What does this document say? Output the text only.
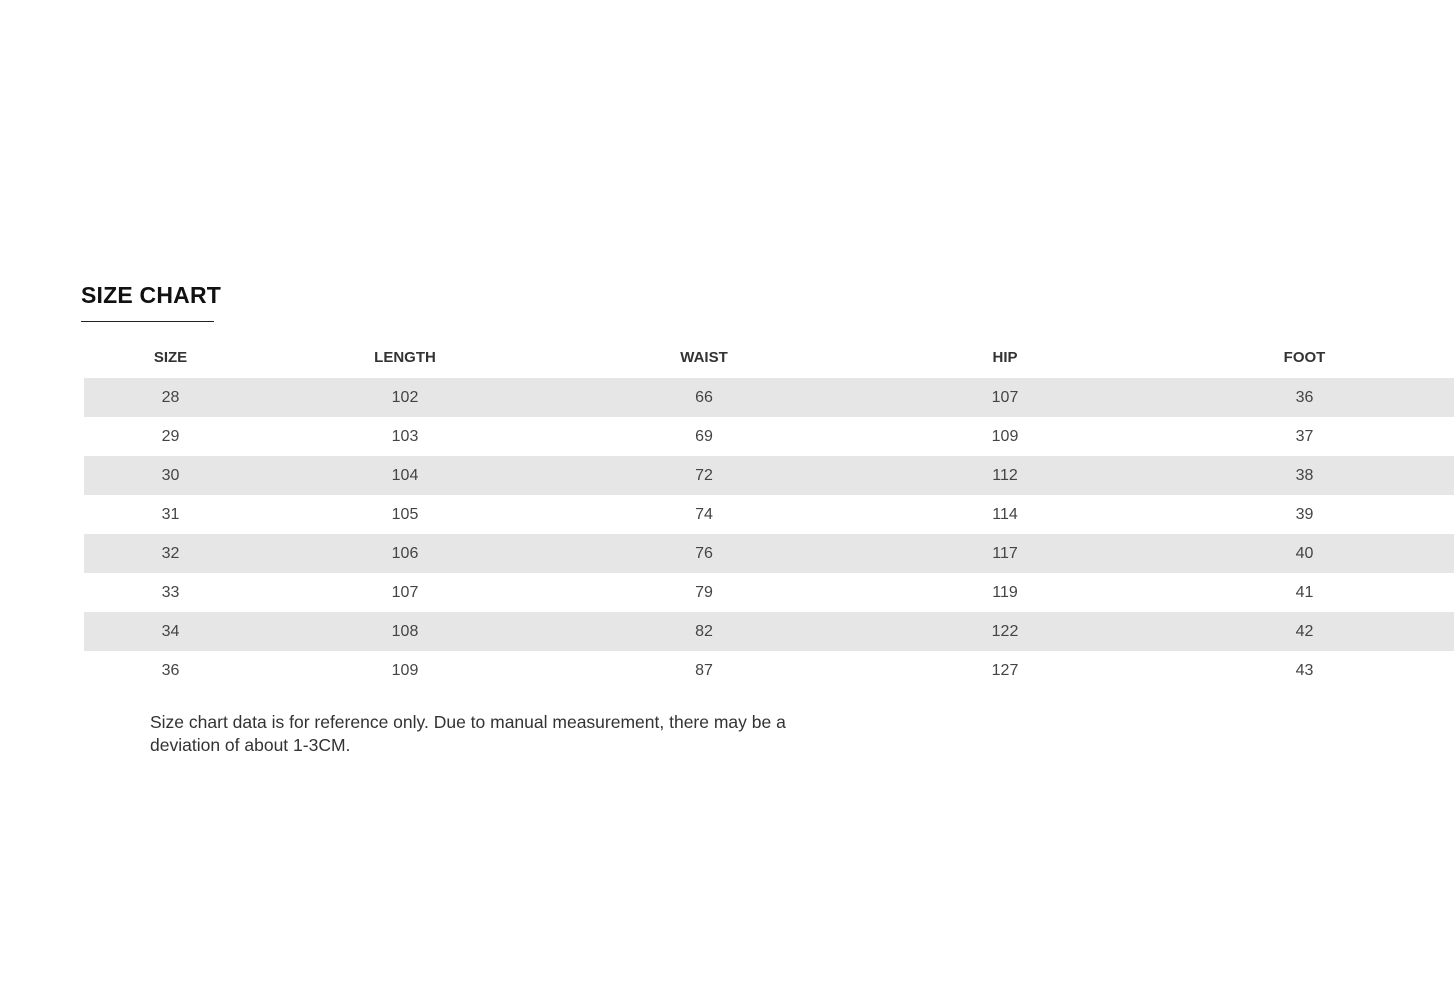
SIZE CHART
SIZE	LENGTH	WAIST	HIP	FOOT
28	102	66	107	36
29	103	69	109	37
30	104	72	112	38
31	105	74	114	39
32	106	76	117	40
33	107	79	119	41
34	108	82	122	42
36	109	87	127	43
Size chart data is for reference only. Due to manual measurement, there may be a deviation of about 1-3CM.
